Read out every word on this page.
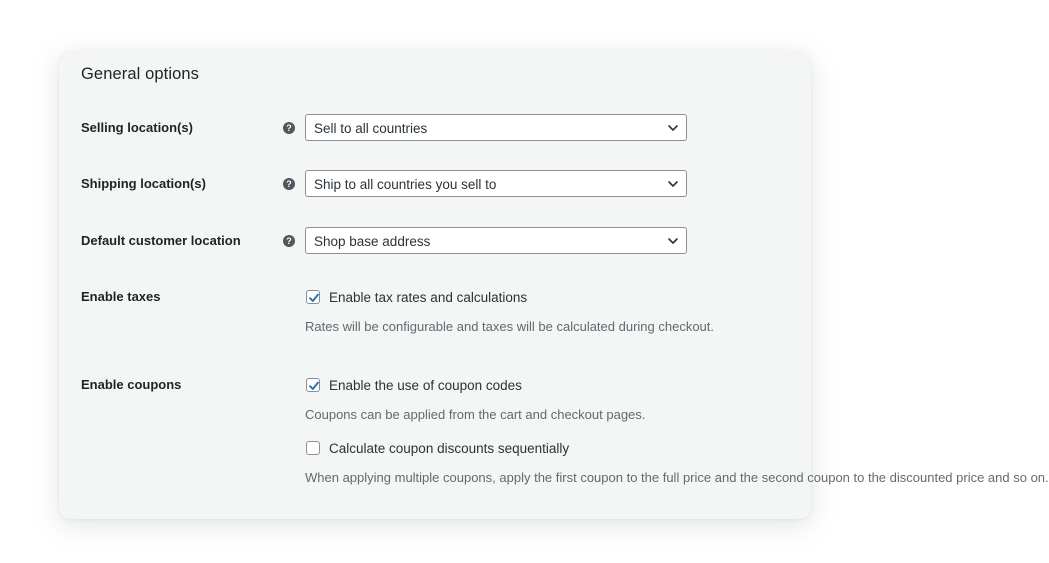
General options
Selling location(s)	? Sell to all countries
Shipping location(s)	? Ship to all countries you sell to
Default customer location	? Shop base address
Enable taxes	Enable tax rates and calculations
Rates will be configurable and taxes will be calculated during checkout.
Enable coupons	Enable the use of coupon codes
Coupons can be applied from the cart and checkout pages.
Calculate coupon discounts sequentially
When applying multiple coupons, apply the first coupon to the full price and the second coupon to the discounted price and so on.
